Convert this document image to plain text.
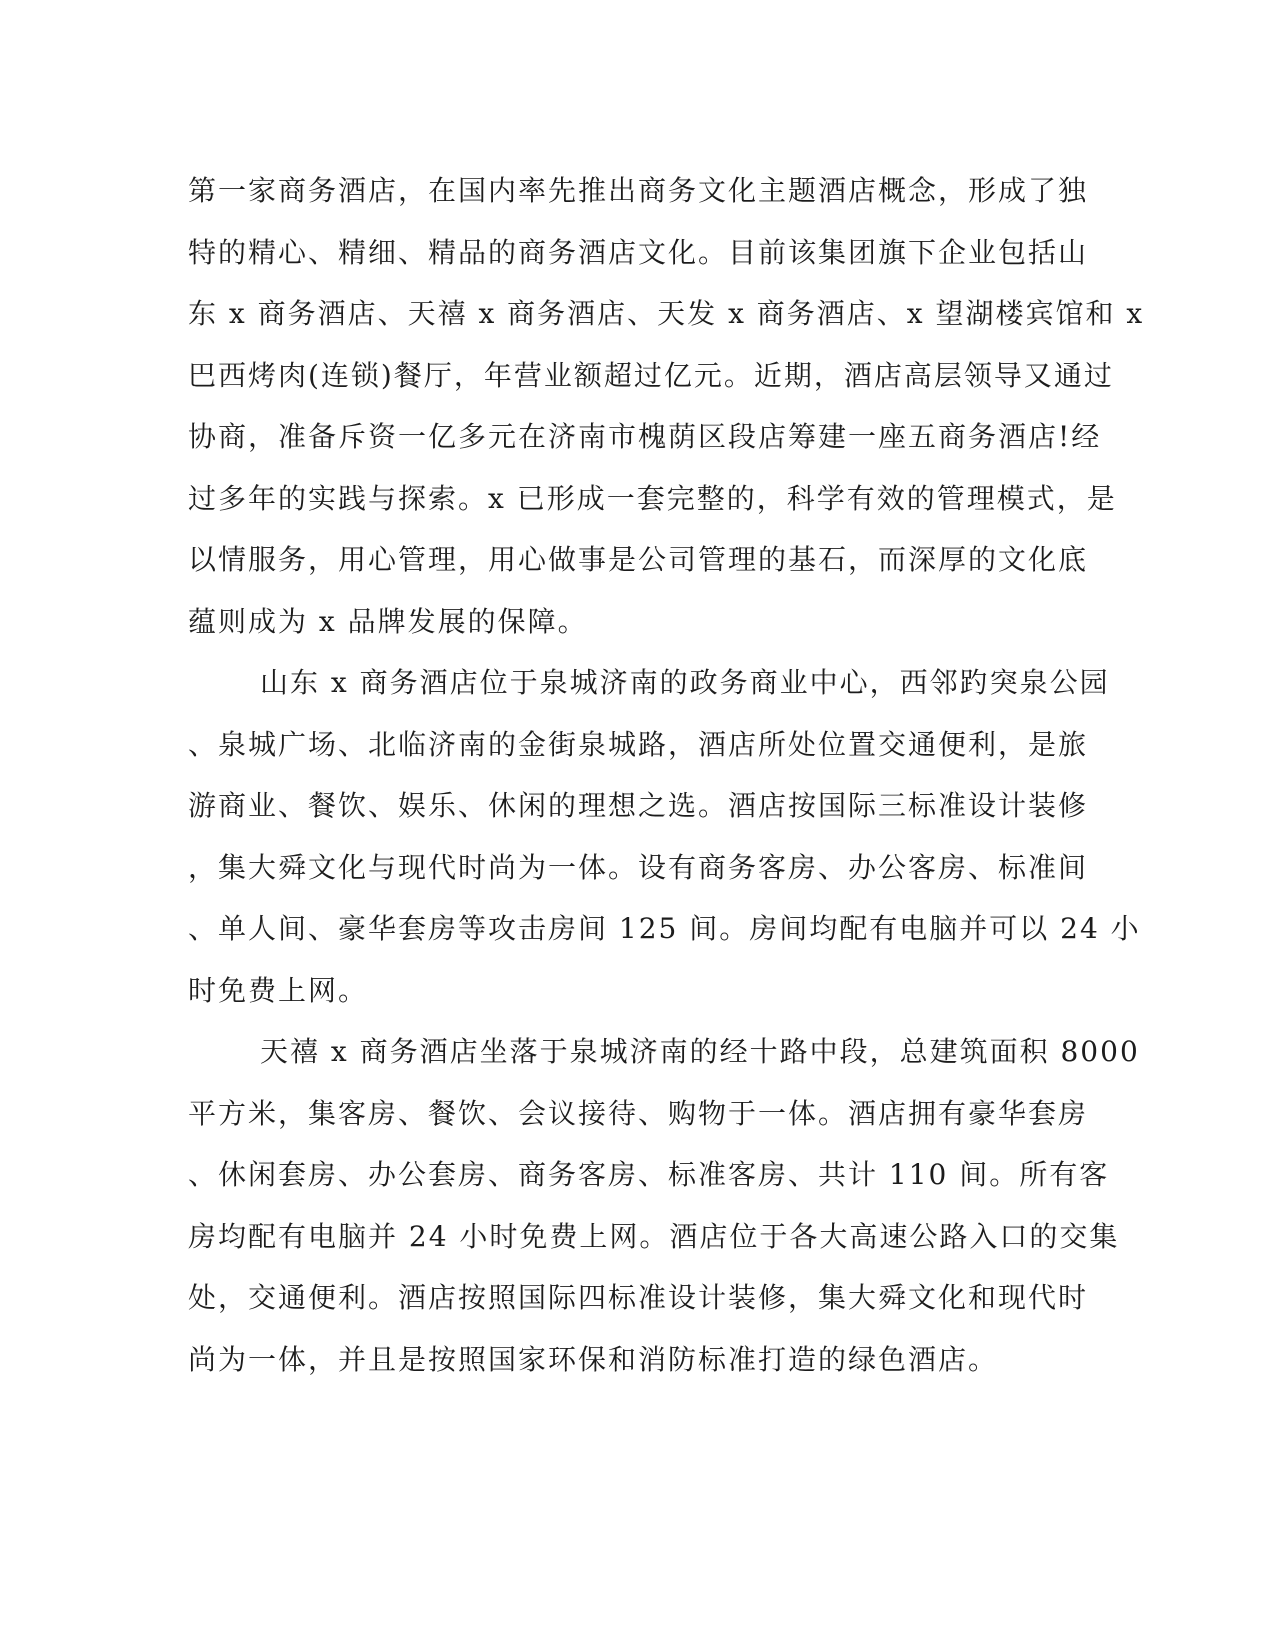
第一家商务酒店，在国内率先推出商务文化主题酒店概念，形成了独
特的精心、精细、精品的商务酒店文化。目前该集团旗下企业包括山
东 x 商务酒店、天禧 x 商务酒店、天发 x 商务酒店、x 望湖楼宾馆和 x
巴西烤肉(连锁)餐厅，年营业额超过亿元。近期，酒店高层领导又通过
协商，准备斥资一亿多元在济南市槐荫区段店筹建一座五商务酒店!经
过多年的实践与探索。x 已形成一套完整的，科学有效的管理模式，是
以情服务，用心管理，用心做事是公司管理的基石，而深厚的文化底
蕴则成为 x 品牌发展的保障。
山东 x 商务酒店位于泉城济南的政务商业中心，西邻趵突泉公园
、泉城广场、北临济南的金街泉城路，酒店所处位置交通便利，是旅
游商业、餐饮、娱乐、休闲的理想之选。酒店按国际三标准设计装修
，集大舜文化与现代时尚为一体。设有商务客房、办公客房、标准间
、单人间、豪华套房等攻击房间 125 间。房间均配有电脑并可以 24 小
时免费上网。
天禧 x 商务酒店坐落于泉城济南的经十路中段，总建筑面积 8000
平方米，集客房、餐饮、会议接待、购物于一体。酒店拥有豪华套房
、休闲套房、办公套房、商务客房、标准客房、共计 110 间。所有客
房均配有电脑并 24 小时免费上网。酒店位于各大高速公路入口的交集
处，交通便利。酒店按照国际四标准设计装修，集大舜文化和现代时
尚为一体，并且是按照国家环保和消防标准打造的绿色酒店。
